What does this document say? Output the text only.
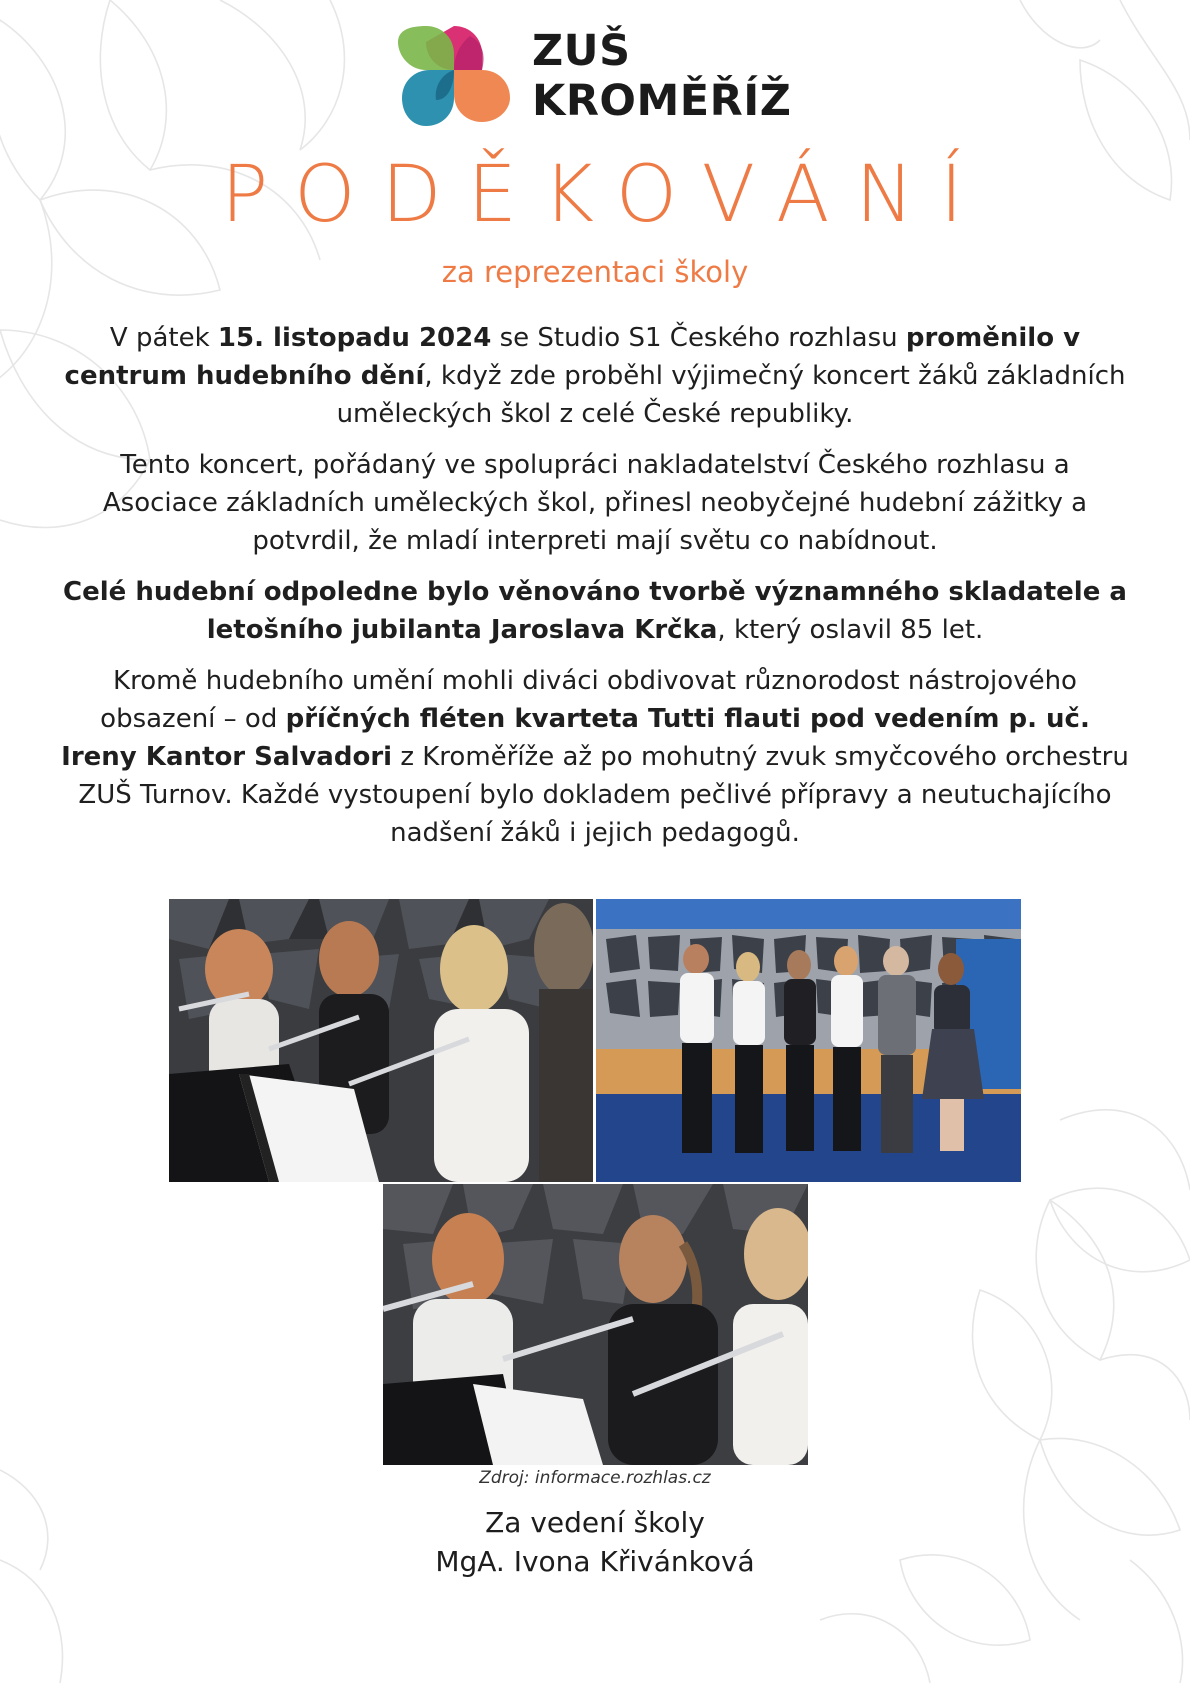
ZUŠ
KROMĚŘÍŽ
PODĚKOVÁNÍ
za reprezentaci školy

V pátek 15. listopadu 2024 se Studio S1 Českého rozhlasu proměnilo v centrum hudebního dění, když zde proběhl výjimečný koncert žáků základních uměleckých škol z celé České republiky.

Tento koncert, pořádaný ve spolupráci nakladatelství Českého rozhlasu a Asociace základních uměleckých škol, přinesl neobyčejné hudební zážitky a potvrdil, že mladí interpreti mají světu co nabídnout.

Celé hudební odpoledne bylo věnováno tvorbě významného skladatele a letošního jubilanta Jaroslava Krčka, který oslavil 85 let.

Kromě hudebního umění mohli diváci obdivovat různorodost nástrojového obsazení – od příčných fléten kvarteta Tutti flauti pod vedením p. uč. Ireny Kantor Salvadori z Kroměříže až po mohutný zvuk smyčcového orchestru ZUŠ Turnov. Každé vystoupení bylo dokladem pečlivé přípravy a neutuchajícího nadšení žáků i jejich pedagogů.

Zdroj: informace.rozhlas.cz
Za vedení školy
MgA. Ivona Křivánková
